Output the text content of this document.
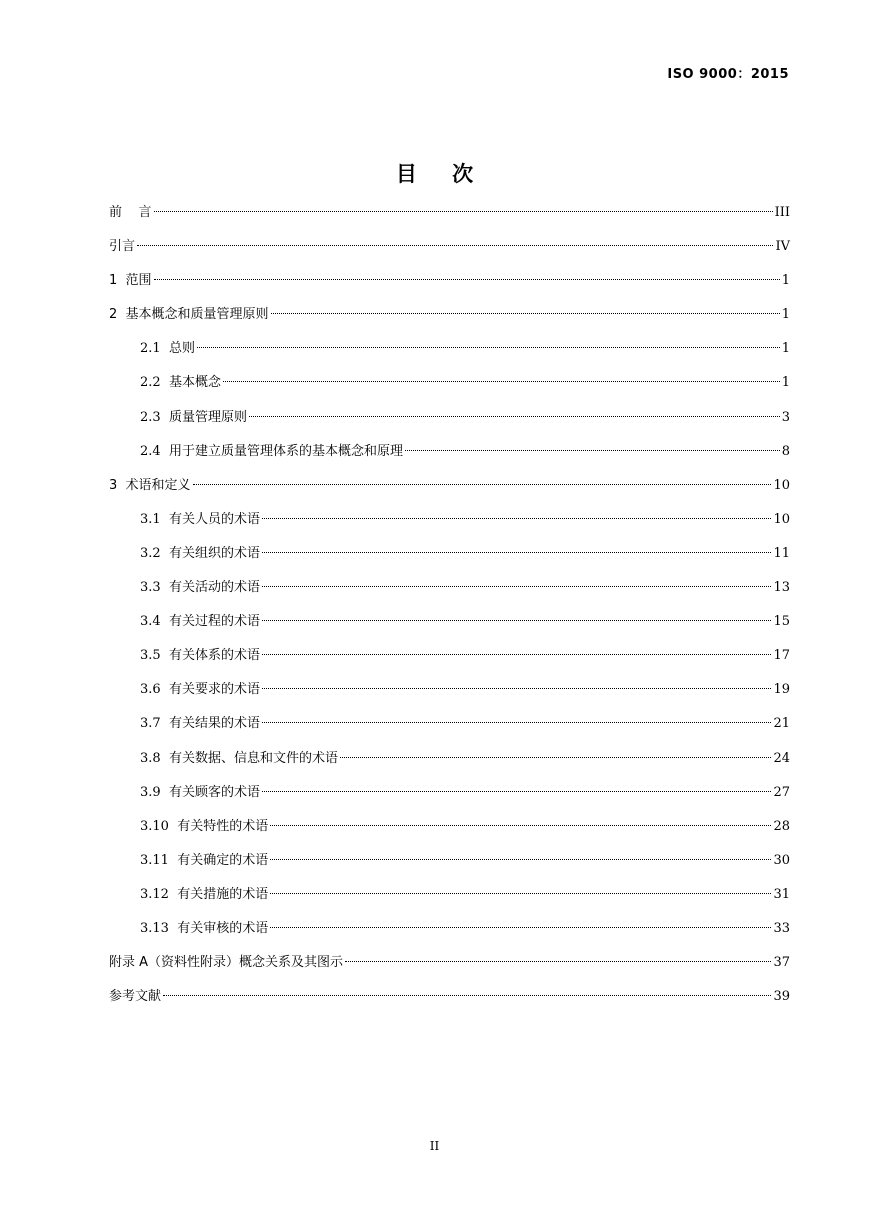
ISO 9000：2015
目 次
前    言	III
引言	IV
1  范围	1
2  基本概念和质量管理原则	1
2.1  总则	1
2.2  基本概念	1
2.3  质量管理原则	3
2.4  用于建立质量管理体系的基本概念和原理	8
3  术语和定义	10
3.1  有关人员的术语	10
3.2  有关组织的术语	11
3.3  有关活动的术语	13
3.4  有关过程的术语	15
3.5  有关体系的术语	17
3.6  有关要求的术语	19
3.7  有关结果的术语	21
3.8  有关数据、信息和文件的术语	24
3.9  有关顾客的术语	27
3.10  有关特性的术语	28
3.11  有关确定的术语	30
3.12  有关措施的术语	31
3.13  有关审核的术语	33
附录 A（资料性附录）概念关系及其图示	37
参考文献	39
II
